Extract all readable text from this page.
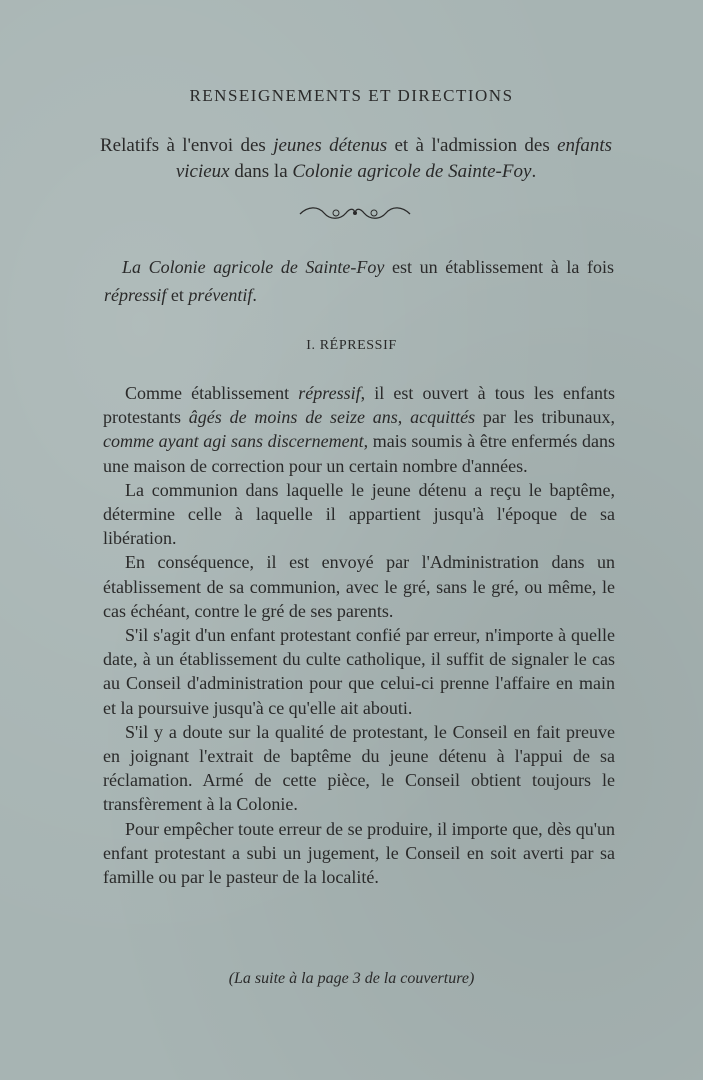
RENSEIGNEMENTS ET DIRECTIONS
Relatifs à l'envoi des jeunes détenus et à l'admission des enfants vicieux dans la Colonie agricole de Sainte-Foy.
La Colonie agricole de Sainte-Foy est un établissement à la fois répressif et préventif.
I. RÉPRESSIF

Comme établissement répressif, il est ouvert à tous les enfants protestants âgés de moins de seize ans, acquittés par les tribunaux, comme ayant agi sans discernement, mais soumis à être enfermés dans une maison de correction pour un certain nombre d'années.

La communion dans laquelle le jeune détenu a reçu le baptême, détermine celle à laquelle il appartient jusqu'à l'époque de sa libération.

En conséquence, il est envoyé par l'Administration dans un établissement de sa communion, avec le gré, sans le gré, ou même, le cas échéant, contre le gré de ses parents.

S'il s'agit d'un enfant protestant confié par erreur, n'importe à quelle date, à un établissement du culte catholique, il suffit de signaler le cas au Conseil d'administration pour que celui-ci prenne l'affaire en main et la poursuive jusqu'à ce qu'elle ait abouti.

S'il y a doute sur la qualité de protestant, le Conseil en fait preuve en joignant l'extrait de baptême du jeune détenu à l'appui de sa réclamation. Armé de cette pièce, le Conseil obtient toujours le transfèrement à la Colonie.

Pour empêcher toute erreur de se produire, il importe que, dès qu'un enfant protestant a subi un jugement, le Conseil en soit averti par sa famille ou par le pasteur de la localité.

(La suite à la page 3 de la couverture)
